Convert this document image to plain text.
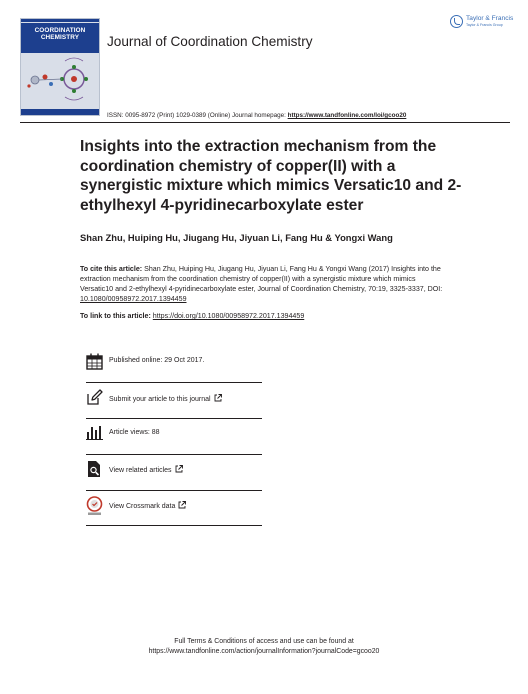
COORDINATION
CHEMISTRY	Journal of Coordination Chemistry
Taylor & Francis
Taylor & Francis Group
ISSN: 0095-8972 (Print) 1029-0389 (Online) Journal homepage: https://www.tandfonline.com/loi/gcoo20
Insights into the extraction mechanism from the coordination chemistry of copper(II) with a synergistic mixture which mimics Versatic10 and 2-ethylhexyl 4-pyridinecarboxylate ester
Shan Zhu, Huiping Hu, Jiugang Hu, Jiyuan Li, Fang Hu & Yongxi Wang
To cite this article: Shan Zhu, Huiping Hu, Jiugang Hu, Jiyuan Li, Fang Hu & Yongxi Wang (2017) Insights into the extraction mechanism from the coordination chemistry of copper(II) with a synergistic mixture which mimics Versatic10 and 2-ethylhexyl 4-pyridinecarboxylate ester, Journal of Coordination Chemistry, 70:19, 3325-3337, DOI: 10.1080/00958972.2017.1394459
To link to this article: https://doi.org/10.1080/00958972.2017.1394459
Published online: 29 Oct 2017.
Submit your article to this journal
Article views: 88
View related articles
View Crossmark data
Full Terms & Conditions of access and use can be found at
https://www.tandfonline.com/action/journalInformation?journalCode=gcoo20
